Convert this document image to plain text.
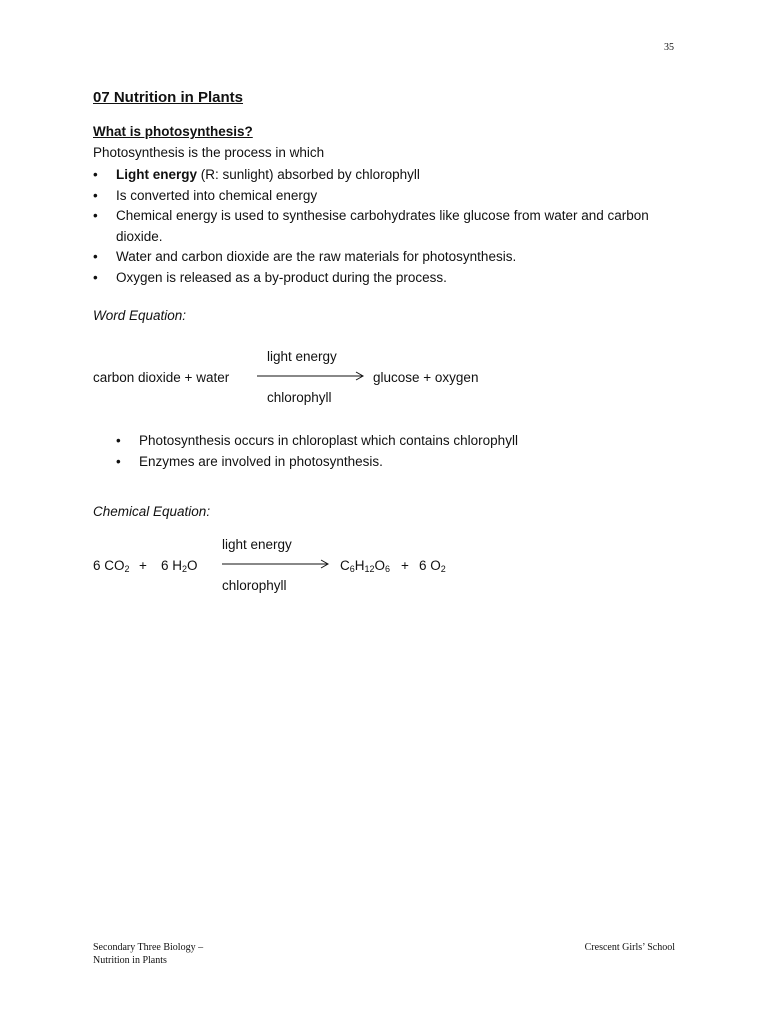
35
07 Nutrition in Plants
What is photosynthesis?
Photosynthesis is the process in which
• Light energy (R: sunlight) absorbed by chlorophyll
• Is converted into chemical energy
• Chemical energy is used to synthesise carbohydrates like glucose from water and carbon dioxide.
• Water and carbon dioxide are the raw materials for photosynthesis.
• Oxygen is released as a by-product during the process.
Word Equation:
light energy
carbon dioxide + water	glucose + oxygen
chlorophyll
• Photosynthesis occurs in chloroplast which contains chlorophyll
• Enzymes are involved in photosynthesis.
Chemical Equation:
light energy
6 $CO_2 + 6$ $H_2O$	$C_6H_{12}O_6 + 6$ $O_2$
chlorophyll
Secondary Three Biology –
Nutrition in Plants
Crescent Girls’ School
